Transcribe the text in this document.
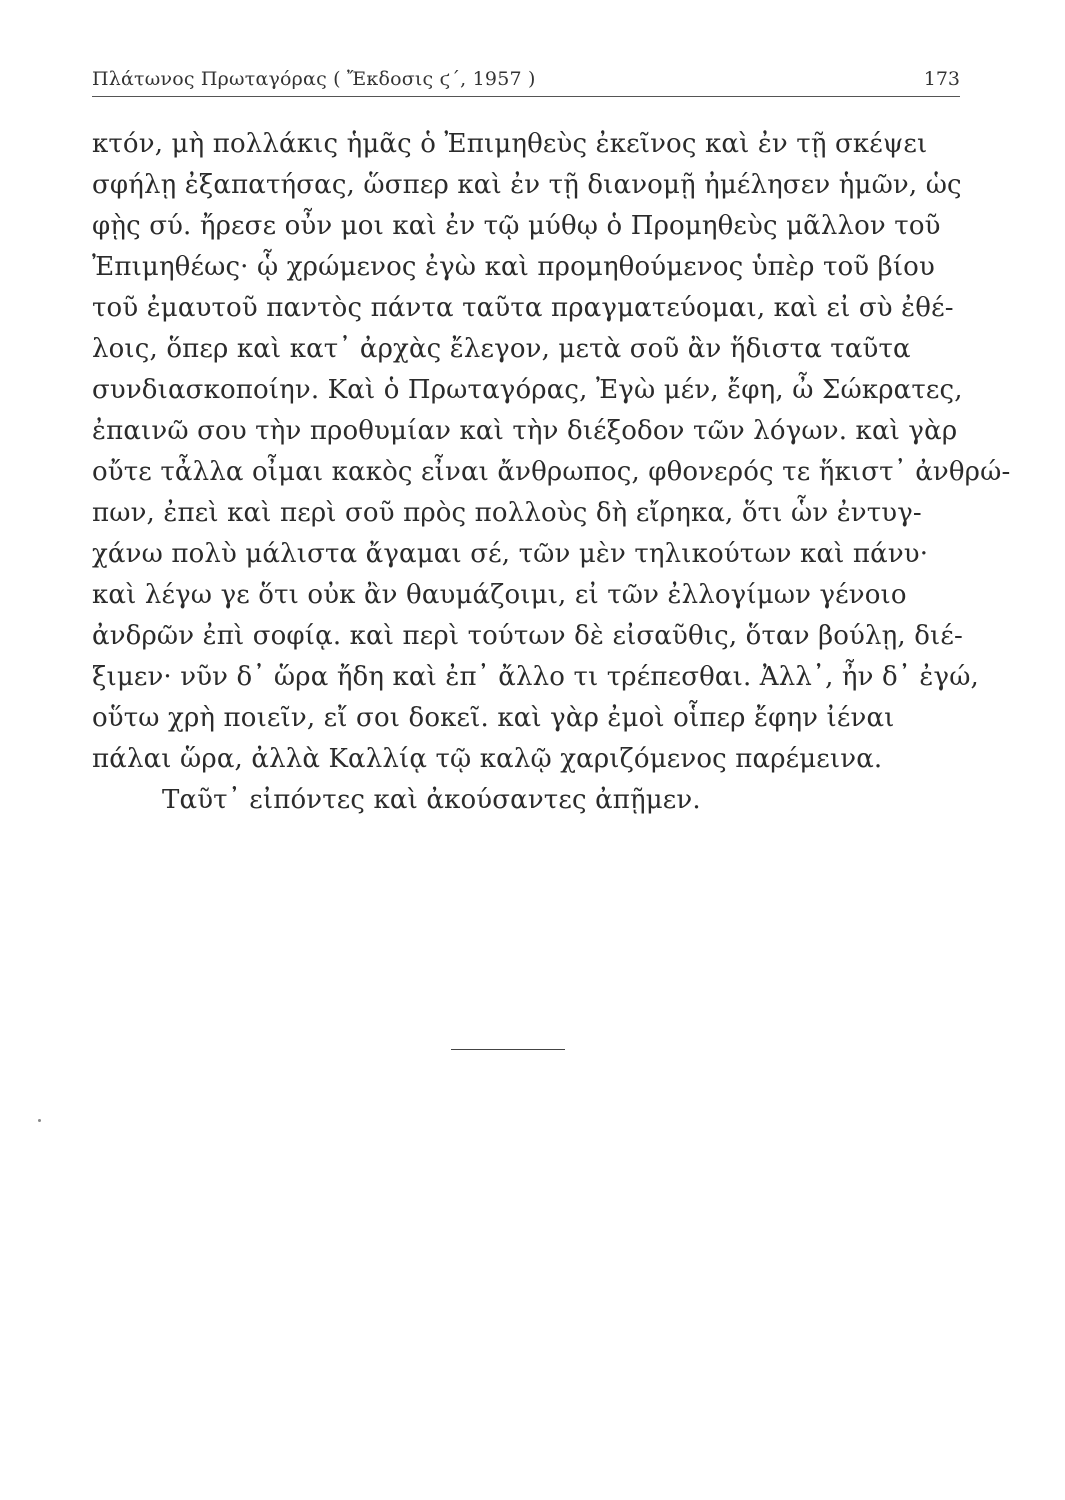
Πλάτωνος Πρωταγόρας ( Ἔκδοσις ϛ΄, 1957 )	173
κτόν, μὴ πολλάκις ἡμᾶς ὁ Ἐπιμηθεὺς ἐκεῖνος καὶ ἐν τῇ σκέψει
σφήλῃ ἐξαπατήσας, ὥσπερ καὶ ἐν τῇ διανομῇ ἠμέλησεν ἡμῶν, ὡς
φῂς σύ. ἤρεσε οὖν μοι καὶ ἐν τῷ μύθῳ ὁ Προμηθεὺς μᾶλλον τοῦ
Ἐπιμηθέως· ᾧ χρώμενος ἐγὼ καὶ προμηθούμενος ὑπὲρ τοῦ βίου
τοῦ ἐμαυτοῦ παντὸς πάντα ταῦτα πραγματεύομαι, καὶ εἰ σὺ ἐθέ-
λοις, ὅπερ καὶ κατ᾽ ἀρχὰς ἔλεγον, μετὰ σοῦ ἂν ἥδιστα ταῦτα
συνδιασκοποίην. Καὶ ὁ Πρωταγόρας, Ἐγὼ μέν, ἔφη, ὦ Σώκρατες,
ἐπαινῶ σου τὴν προθυμίαν καὶ τὴν διέξοδον τῶν λόγων. καὶ γὰρ
οὔτε τἆλλα οἶμαι κακὸς εἶναι ἄνθρωπος, φθονερός τε ἥκιστ᾽ ἀνθρώ-
πων, ἐπεὶ καὶ περὶ σοῦ πρὸς πολλοὺς δὴ εἴρηκα, ὅτι ὧν ἐντυγ-
χάνω πολὺ μάλιστα ἄγαμαι σέ, τῶν μὲν τηλικούτων καὶ πάνυ·
καὶ λέγω γε ὅτι οὐκ ἂν θαυμάζοιμι, εἰ τῶν ἐλλογίμων γένοιο
ἀνδρῶν ἐπὶ σοφίᾳ. καὶ περὶ τούτων δὲ εἰσαῦθις, ὅταν βούλῃ, διέ-
ξιμεν· νῦν δ᾽ ὥρα ἤδη καὶ ἐπ᾽ ἄλλο τι τρέπεσθαι. Ἀλλ᾽, ἦν δ᾽ ἐγώ,
οὕτω χρὴ ποιεῖν, εἴ σοι δοκεῖ. καὶ γὰρ ἐμοὶ οἷπερ ἔφην ἰέναι
πάλαι ὥρα, ἀλλὰ Καλλίᾳ τῷ καλῷ χαριζόμενος παρέμεινα.
Ταῦτ᾽ εἰπόντες καὶ ἀκούσαντες ἀπῇμεν.
